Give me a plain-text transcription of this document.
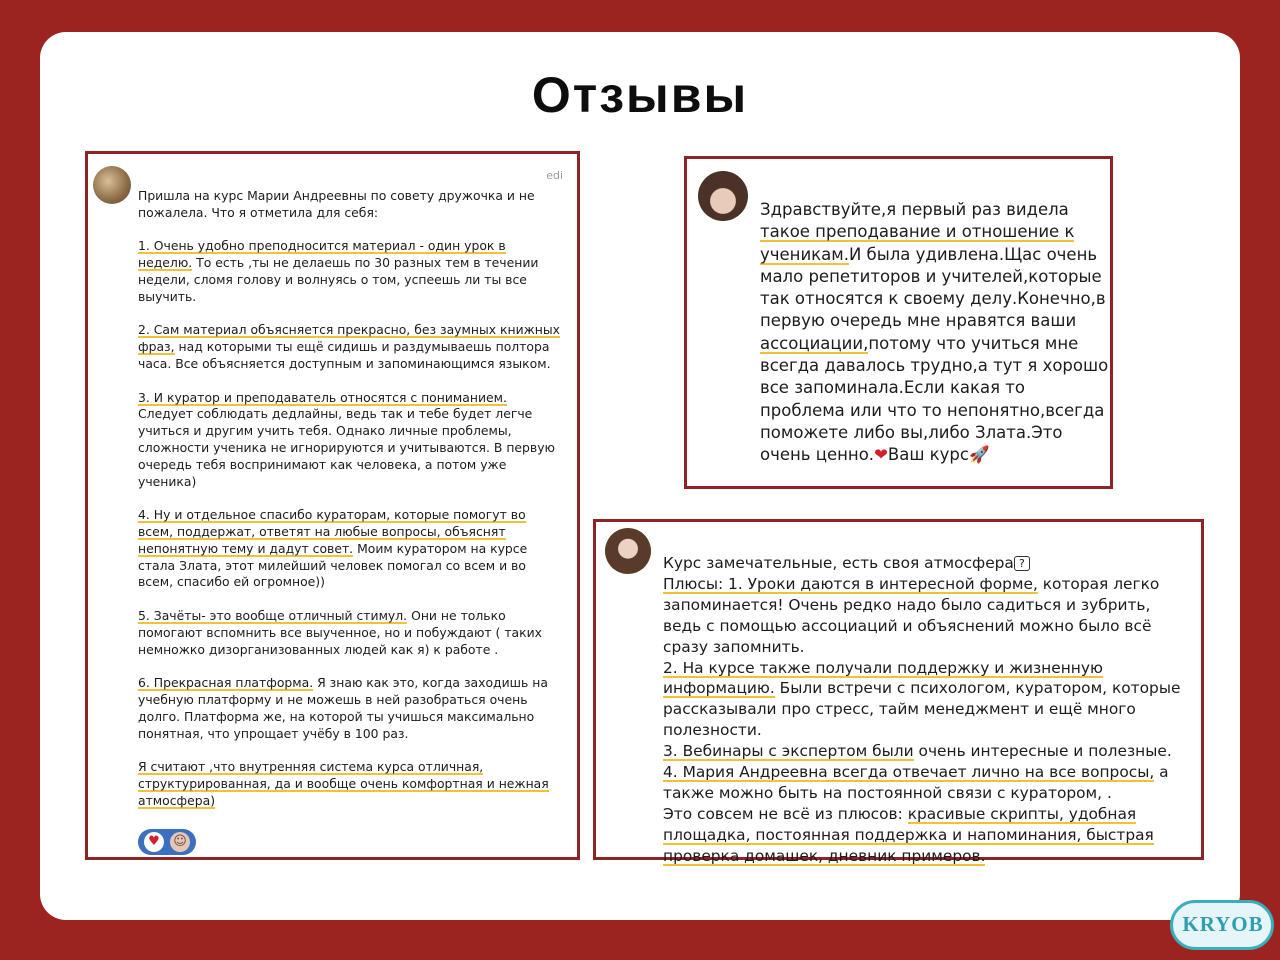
Отзывы
edi

Пришла на курс Марии Андреевны по совету дружочка и не пожалела. Что я отметила для себя:

1. Очень удобно преподносится материал - один урок в неделю. То есть ,ты не делаешь по 30 разных тем в течении недели, сломя голову и волнуясь о том, успеешь ли ты все выучить.

2. Сам материал объясняется прекрасно, без заумных книжных фраз, над которыми ты ещё сидишь и раздумываешь полтора часа. Все объясняется доступным и запоминающимся языком.

3. И куратор и преподаватель относятся с пониманием. Следует соблюдать дедлайны, ведь так и тебе будет легче учиться и другим учить тебя. Однако личные проблемы, сложности ученика не игнорируются и учитываются. В первую очередь тебя воспринимают как человека, а потом уже ученика)

4. Ну и отдельное спасибо кураторам, которые помогут во всем, поддержат, ответят на любые вопросы, объяснят непонятную тему и дадут совет. Моим куратором на курсе стала Злата, этот милейший человек помогал со всем и во всем, спасибо ей огромное))

5. Зачёты- это вообще отличный стимул. Они не только помогают вспомнить все выученное, но и побуждают ( таких немножко дизорганизованных людей как я) к работе .

6. Прекрасная платформа. Я знаю как это, когда заходишь на учебную платформу и не можешь в ней разобраться очень долго. Платформа же, на которой ты учишься максимально понятная, что упрощает учёбу в 100 раз.

Я считают ,что внутренняя система курса отличная, структурированная, да и вообще очень комфортная и нежная атмосфера)

♥	☺
Здравствуйте,я первый раз видела такое преподавание и отношение к ученикам.И была удивлена.Щас очень мало репетиторов и учителей,которые так относятся к своему делу.Конечно,в первую очередь мне нравятся ваши ассоциации,потому что учиться мне всегда давалось трудно,а тут я хорошо все запоминала.Если какая то проблема или что то непонятно,всегда поможете либо вы,либо Злата.Это очень ценно.❤Ваш курс🚀

Курс замечательные, есть своя атмосфера ?

Плюсы: 1. Уроки даются в интересной форме, которая легко запоминается! Очень редко надо было садиться и зубрить, ведь с помощью ассоциаций и объяснений можно было всё сразу запомнить.

2. На курсе также получали поддержку и жизненную информацию. Были встречи с психологом, куратором, которые рассказывали про стресс, тайм менеджмент и ещё много полезности.

3. Вебинары с экспертом были очень интересные и полезные.

4. Мария Андреевна всегда отвечает лично на все вопросы, а также можно быть на постоянной связи с куратором, .

Это совсем не всё из плюсов: красивые скрипты, удобная площадка, постоянная поддержка и напоминания, быстрая проверка домашек, дневник примеров.

KRYOB
